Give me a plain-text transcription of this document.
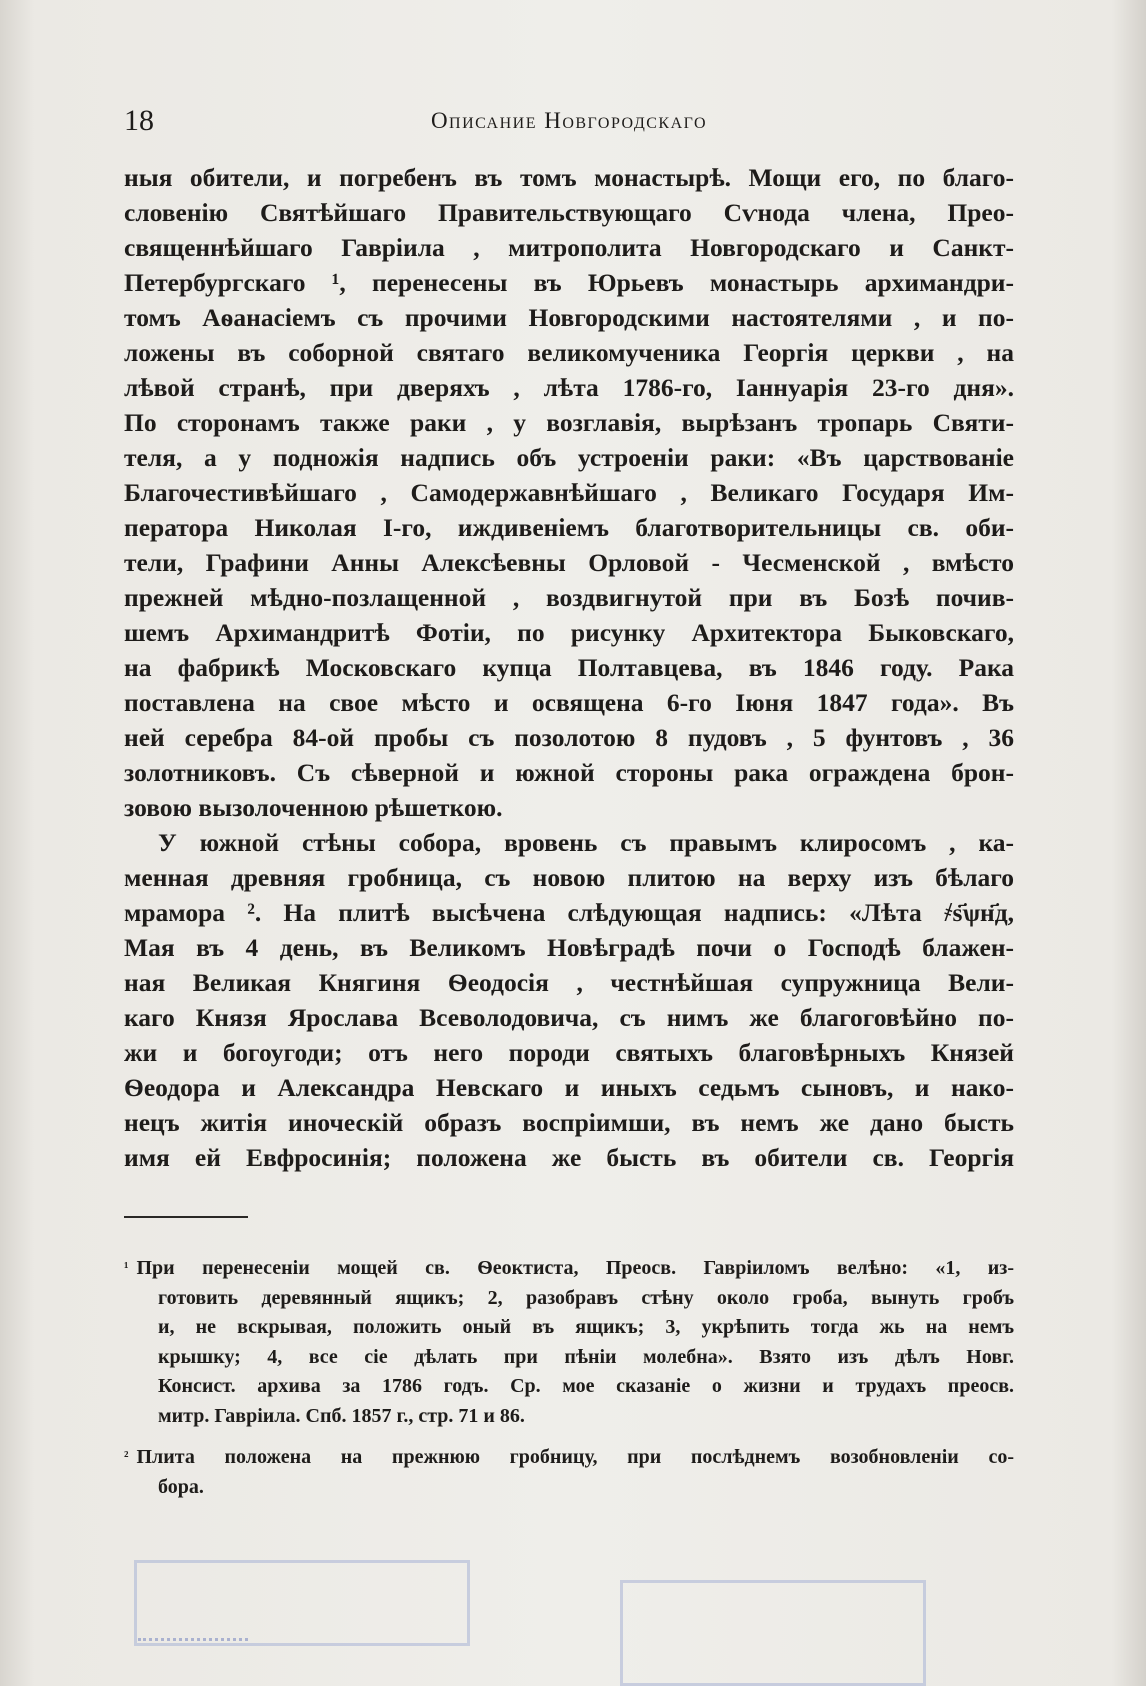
18	Описание Новгородскаго
ныя обители, и погребенъ въ томъ монастырѣ. Мощи его, по благо-
словенію Святѣйшаго Правительствующаго Сѵнода члена, Прео-
священнѣйшаго Гавріила , митрополита Новгородскаго и Санкт-
Петербургскаго ¹, перенесены въ Юрьевъ монастырь архимандри-
томъ Аѳанасіемъ съ прочими Новгородскими настоятелями , и по-
ложены въ соборной святаго великомученика Георгія церкви , на
лѣвой странѣ, при дверяхъ , лѣта 1786-го, Іаннуарія 23-го дня».
По сторонамъ также раки , у возглавія, вырѣзанъ тропарь Святи-
теля, а у подножія надпись объ устроеніи раки: «Въ царствованіе
Благочестивѣйшаго , Самодержавнѣйшаго , Великаго Государя Им-
ператора Николая I-го, иждивеніемъ благотворительницы св. оби-
тели, Графини Анны Алексѣевны Орловой - Чесменской , вмѣсто
прежней мѣдно-позлащенной , воздвигнутой при въ Бозѣ почив-
шемъ Архимандритѣ Фотіи, по рисунку Архитектора Быковскаго,
на фабрикѣ Московскаго купца Полтавцева, въ 1846 году. Рака
поставлена на свое мѣсто и освящена 6-го Іюня 1847 года». Въ
ней серебра 84-ой пробы съ позолотою 8 пудовъ , 5 фунтовъ , 36
золотниковъ. Съ сѣверной и южной стороны рака ограждена брон-
зовою вызолоченною рѣшеткою.
У южной стѣны собора, вровень съ правымъ клиросомъ , ка-
менная древняя гробница, съ новою плитою на верху изъ бѣлаго
мрамора ². На плитѣ высѣчена слѣдующая надпись: «Лѣта ҂ѕ҃ѱн҃д,
Мая въ 4 день, въ Великомъ Новѣградѣ почи о Господѣ блажен-
ная Великая Княгиня Ѳеодосія , честнѣйшая супружница Вели-
каго Князя Ярослава Всеволодовича, съ нимъ же благоговѣйно по-
жи и богоугоди; отъ него породи святыхъ благовѣрныхъ Князей
Ѳеодора и Александра Невскаго и иныхъ седьмъ сыновъ, и нако-
нецъ житія иноческій образъ воспріимши, въ немъ же дано бысть
имя ей Евфросинія; положена же бысть въ обители св. Георгія
$^{^1}$ При перенесеніи мощей св. Ѳеоктиста, Преосв. Гавріиломъ велѣно: «1, из-
готовить деревянный ящикъ; 2, разобравъ стѣну около гроба, вынуть гробъ
и, не вскрывая, положить оный въ ящикъ; 3, укрѣпить тогда жь на немъ
крышку; 4, все сіе дѣлать при пѣніи молебна». Взято изъ дѣлъ Новг.
Консист. архива за 1786 годъ. Ср. мое сказаніе о жизни и трудахъ преосв.
митр. Гавріила. Спб. 1857 г., стр. 71 и 86.
$^{^2}$ Плита положена на прежнюю гробницу, при послѣднемъ возобновленіи со-
бора.
